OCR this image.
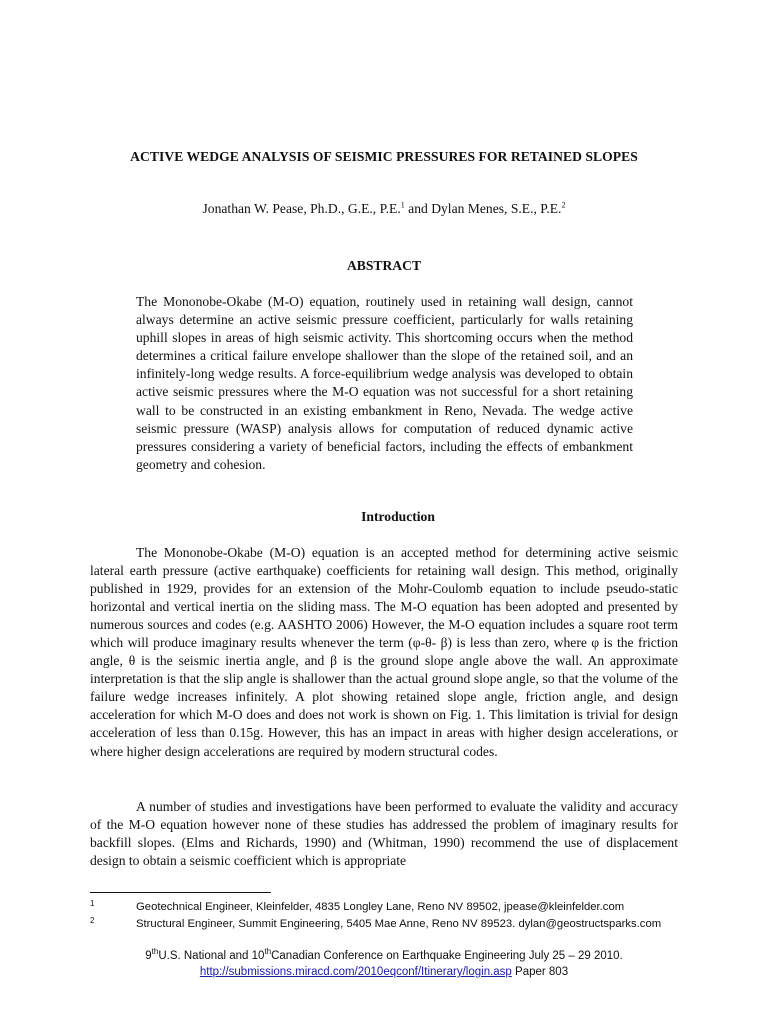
ACTIVE WEDGE ANALYSIS OF SEISMIC PRESSURES FOR RETAINED SLOPES
Jonathan W. Pease, Ph.D., G.E., P.E.$^1$ and Dylan Menes, S.E., P.E.$^2$
ABSTRACT

The Mononobe-Okabe (M-O) equation, routinely used in retaining wall design, cannot always determine an active seismic pressure coefficient, particularly for walls retaining uphill slopes in areas of high seismic activity. This shortcoming occurs when the method determines a critical failure envelope shallower than the slope of the retained soil, and an infinitely-long wedge results. A force-equilibrium wedge analysis was developed to obtain active seismic pressures where the M-O equation was not successful for a short retaining wall to be constructed in an existing embankment in Reno, Nevada. The wedge active seismic pressure (WASP) analysis allows for computation of reduced dynamic active pressures considering a variety of beneficial factors, including the effects of embankment geometry and cohesion.

Introduction

The Mononobe-Okabe (M-O) equation is an accepted method for determining active seismic lateral earth pressure (active earthquake) coefficients for retaining wall design. This method, originally published in 1929, provides for an extension of the Mohr-Coulomb equation to include pseudo-static horizontal and vertical inertia on the sliding mass. The M-O equation has been adopted and presented by numerous sources and codes (e.g. AASHTO 2006) However, the M-O equation includes a square root term which will produce imaginary results whenever the term (φ-θ- β) is less than zero, where φ is the friction angle, θ is the seismic inertia angle, and β is the ground slope angle above the wall. An approximate interpretation is that the slip angle is shallower than the actual ground slope angle, so that the volume of the failure wedge increases infinitely. A plot showing retained slope angle, friction angle, and design acceleration for which M-O does and does not work is shown on Fig. 1. This limitation is trivial for design acceleration of less than 0.15g. However, this has an impact in areas with higher design accelerations, or where higher design accelerations are required by modern structural codes.

A number of studies and investigations have been performed to evaluate the validity and accuracy of the M-O equation however none of these studies has addressed the problem of imaginary results for backfill slopes. (Elms and Richards, 1990) and (Whitman, 1990) recommend the use of displacement design to obtain a seismic coefficient which is appropriate

1	Geotechnical Engineer, Kleinfelder, 4835 Longley Lane, Reno NV 89502, jpease@kleinfelder.com
2	Structural Engineer, Summit Engineering, 5405 Mae Anne, Reno NV 89523. dylan@geostructsparks.com
9thU.S. National and 10thCanadian Conference on Earthquake Engineering July 25 – 29 2010.
http://submissions.miracd.com/2010eqconf/Itinerary/login.asp Paper 803
